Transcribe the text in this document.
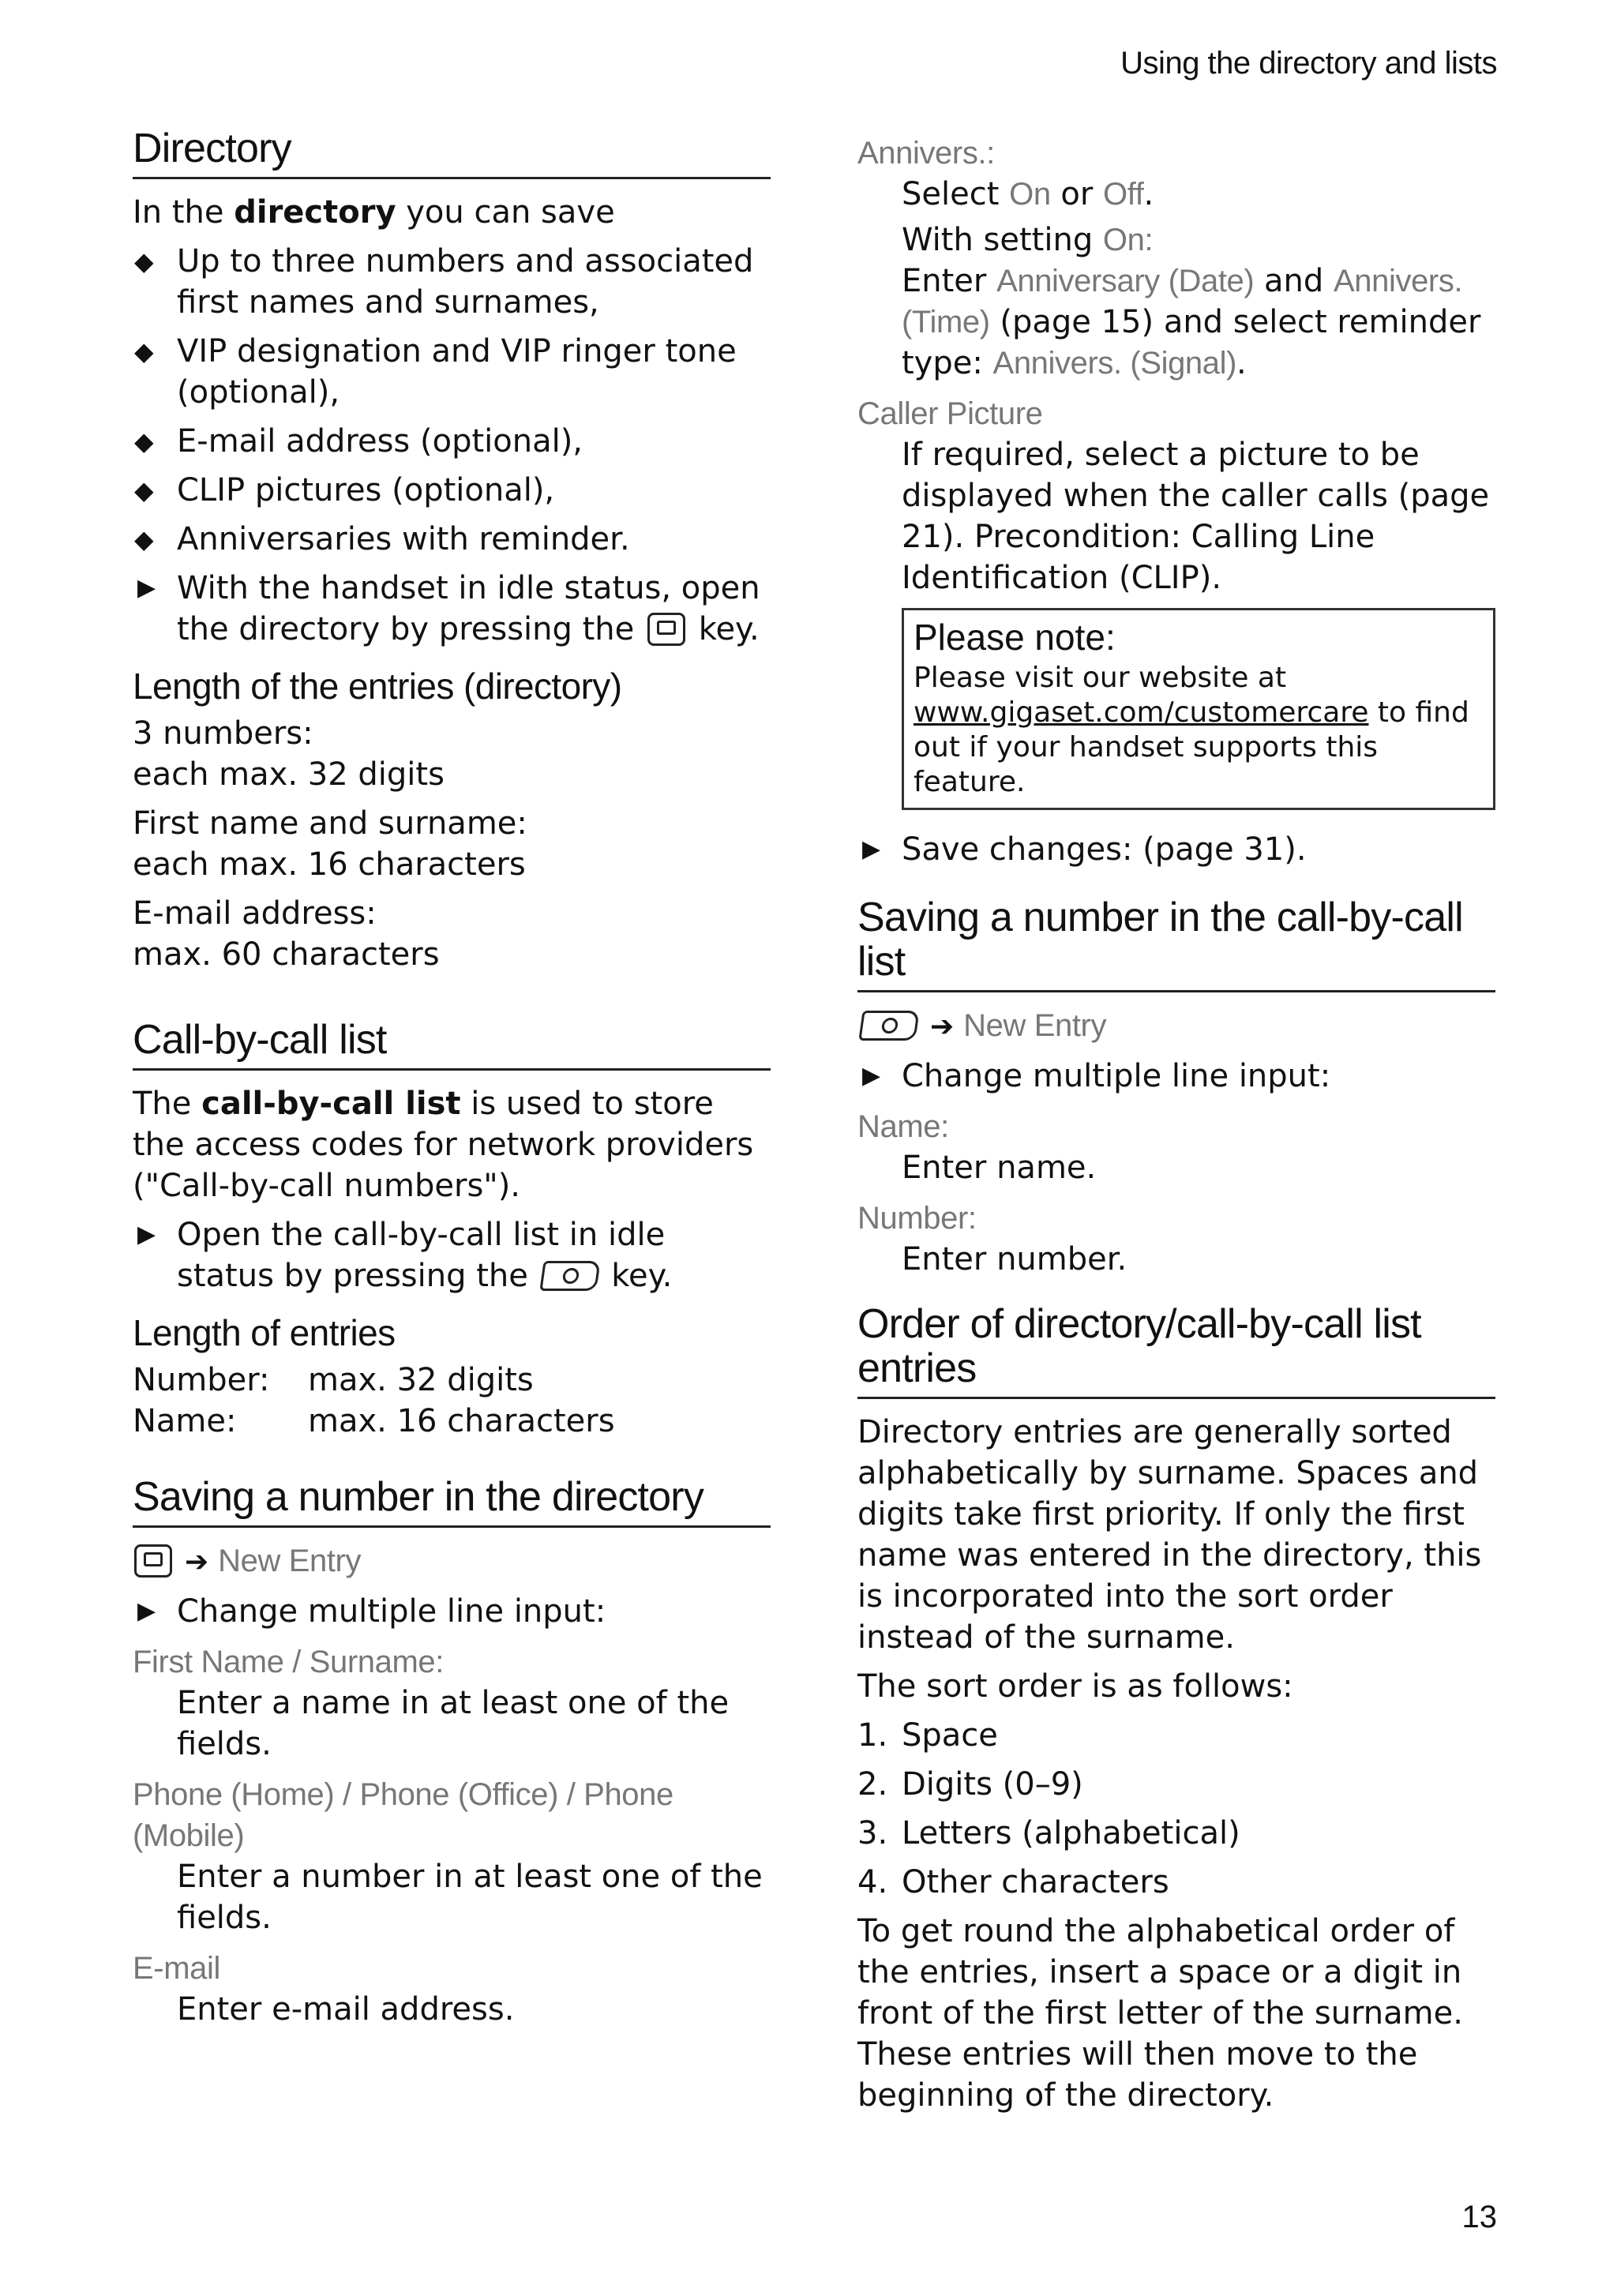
Using the directory and lists
Directory

In the directory you can save

◆ Up to three numbers and associated first names and surnames,
◆ VIP designation and VIP ringer tone (optional),
◆ E-mail address (optional),
◆ CLIP pictures (optional),
◆ Anniversaries with reminder.
▶ With the handset in idle status, open the directory by pressing the
key.
Length of the entries (directory)

3 numbers:
each max. 32 digits

First name and surname:
each max. 16 characters

E-mail address:
max. 60 characters

Call-by-call list

The call-by-call list is used to store the access codes for network providers ("Call-by-call numbers").

▶ Open the call-by-call list in idle status by pressing the
key.
Length of entries
Number:	max. 32 digits
Name:	max. 16 characters
Saving a number in the directory

➔ New Entry

▶ Change multiple line input:
First Name / Surname:
Enter a name in at least one of the fields.
Phone (Home) / Phone (Office) / Phone (Mobile)
Enter a number in at least one of the fields.
E-mail
Enter e-mail address.
Annivers.:
Select On or Off.
With setting On:
Enter Anniversary (Date) and Annivers. (Time) (page 15) and select reminder type: Annivers. (Signal).
Caller Picture
If required, select a picture to be displayed when the caller calls (page 21). Precondition: Calling Line Identification (CLIP).
Please note:
Please visit our website at www.gigaset.com/customercare to find out if your handset supports this feature.
▶ Save changes: (page 31).
Saving a number in the call-by-call list

➔ New Entry

▶ Change multiple line input:
Name:
Enter name.
Number:
Enter number.
Order of directory/call-by-call list entries

Directory entries are generally sorted alphabetically by surname. Spaces and digits take first priority. If only the first name was entered in the directory, this is incorporated into the sort order instead of the surname.

The sort order is as follows:

1. Space
2. Digits (0–9)
3. Letters (alphabetical)
4. Other characters

To get round the alphabetical order of the entries, insert a space or a digit in front of the first letter of the surname. These entries will then move to the beginning of the directory.

13
